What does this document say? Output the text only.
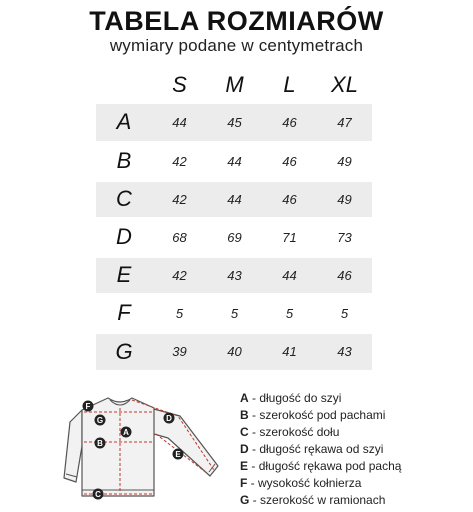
TABELA ROZMIARÓW
wymiary podane w centymetrach
	S	M	L	XL
A	44	45	46	47
B	42	44	46	49
C	42	44	46	49
D	68	69	71	73
E	42	43	44	46
F	5	5	5	5
G	39	40	41	43
F
G
A
B
C
D
E
A - długość do szyi
B - szerokość pod pachami
C - szerokość dołu
D - długość rękawa od szyi
E - długość rękawa pod pachą
F - wysokość kołnierza
G - szerokość w ramionach
